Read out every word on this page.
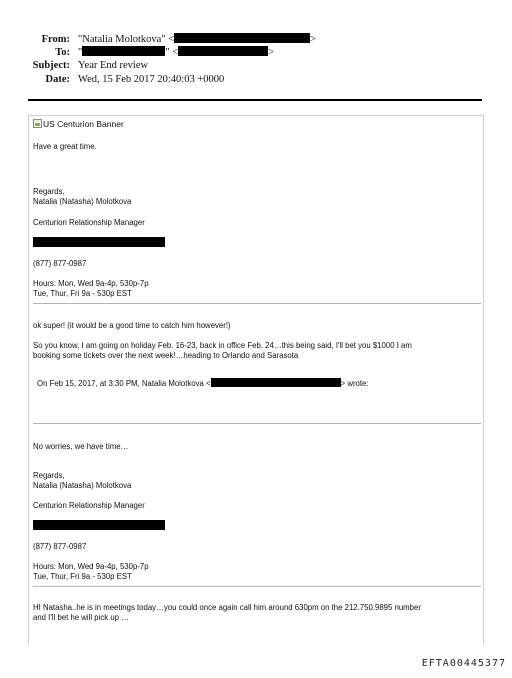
From: "Natalia Molotkova" <	>
To: "	" <	>
Subject: Year End review
Date: Wed, 15 Feb 2017 20:40:03 +0000
US Centurion Banner
Have a great time.
Regards,
Natalia (Natasha) Molotkova
Centurion Relationship Manager
(877) 877-0987
Hours: Mon, Wed 9a-4p, 530p-7p
Tue, Thur, Fri 9a - 530p EST
ok super! (it would be a good time to catch him however!)
So you know, I am going on holiday Feb. 16-23, back in office Feb. 24…this being said, I'll bet you $1000 I am
booking some tickets over the next week!…heading to Orlando and Sarasota
On Feb 15, 2017, at 3:30 PM, Natalia Molotkova <	> wrote:
No worries, we have time…
Regards,
Natalia (Natasha) Molotkova
Centurion Relationship Manager
(877) 877-0987
Hours: Mon, Wed 9a-4p, 530p-7p
Tue, Thur, Fri 9a - 530p EST
HI Natasha..he is in meetings today…you could once again call him around 630pm on the 212.750.9895 number
and I'll bet he will pick up …
EFTA00445377
